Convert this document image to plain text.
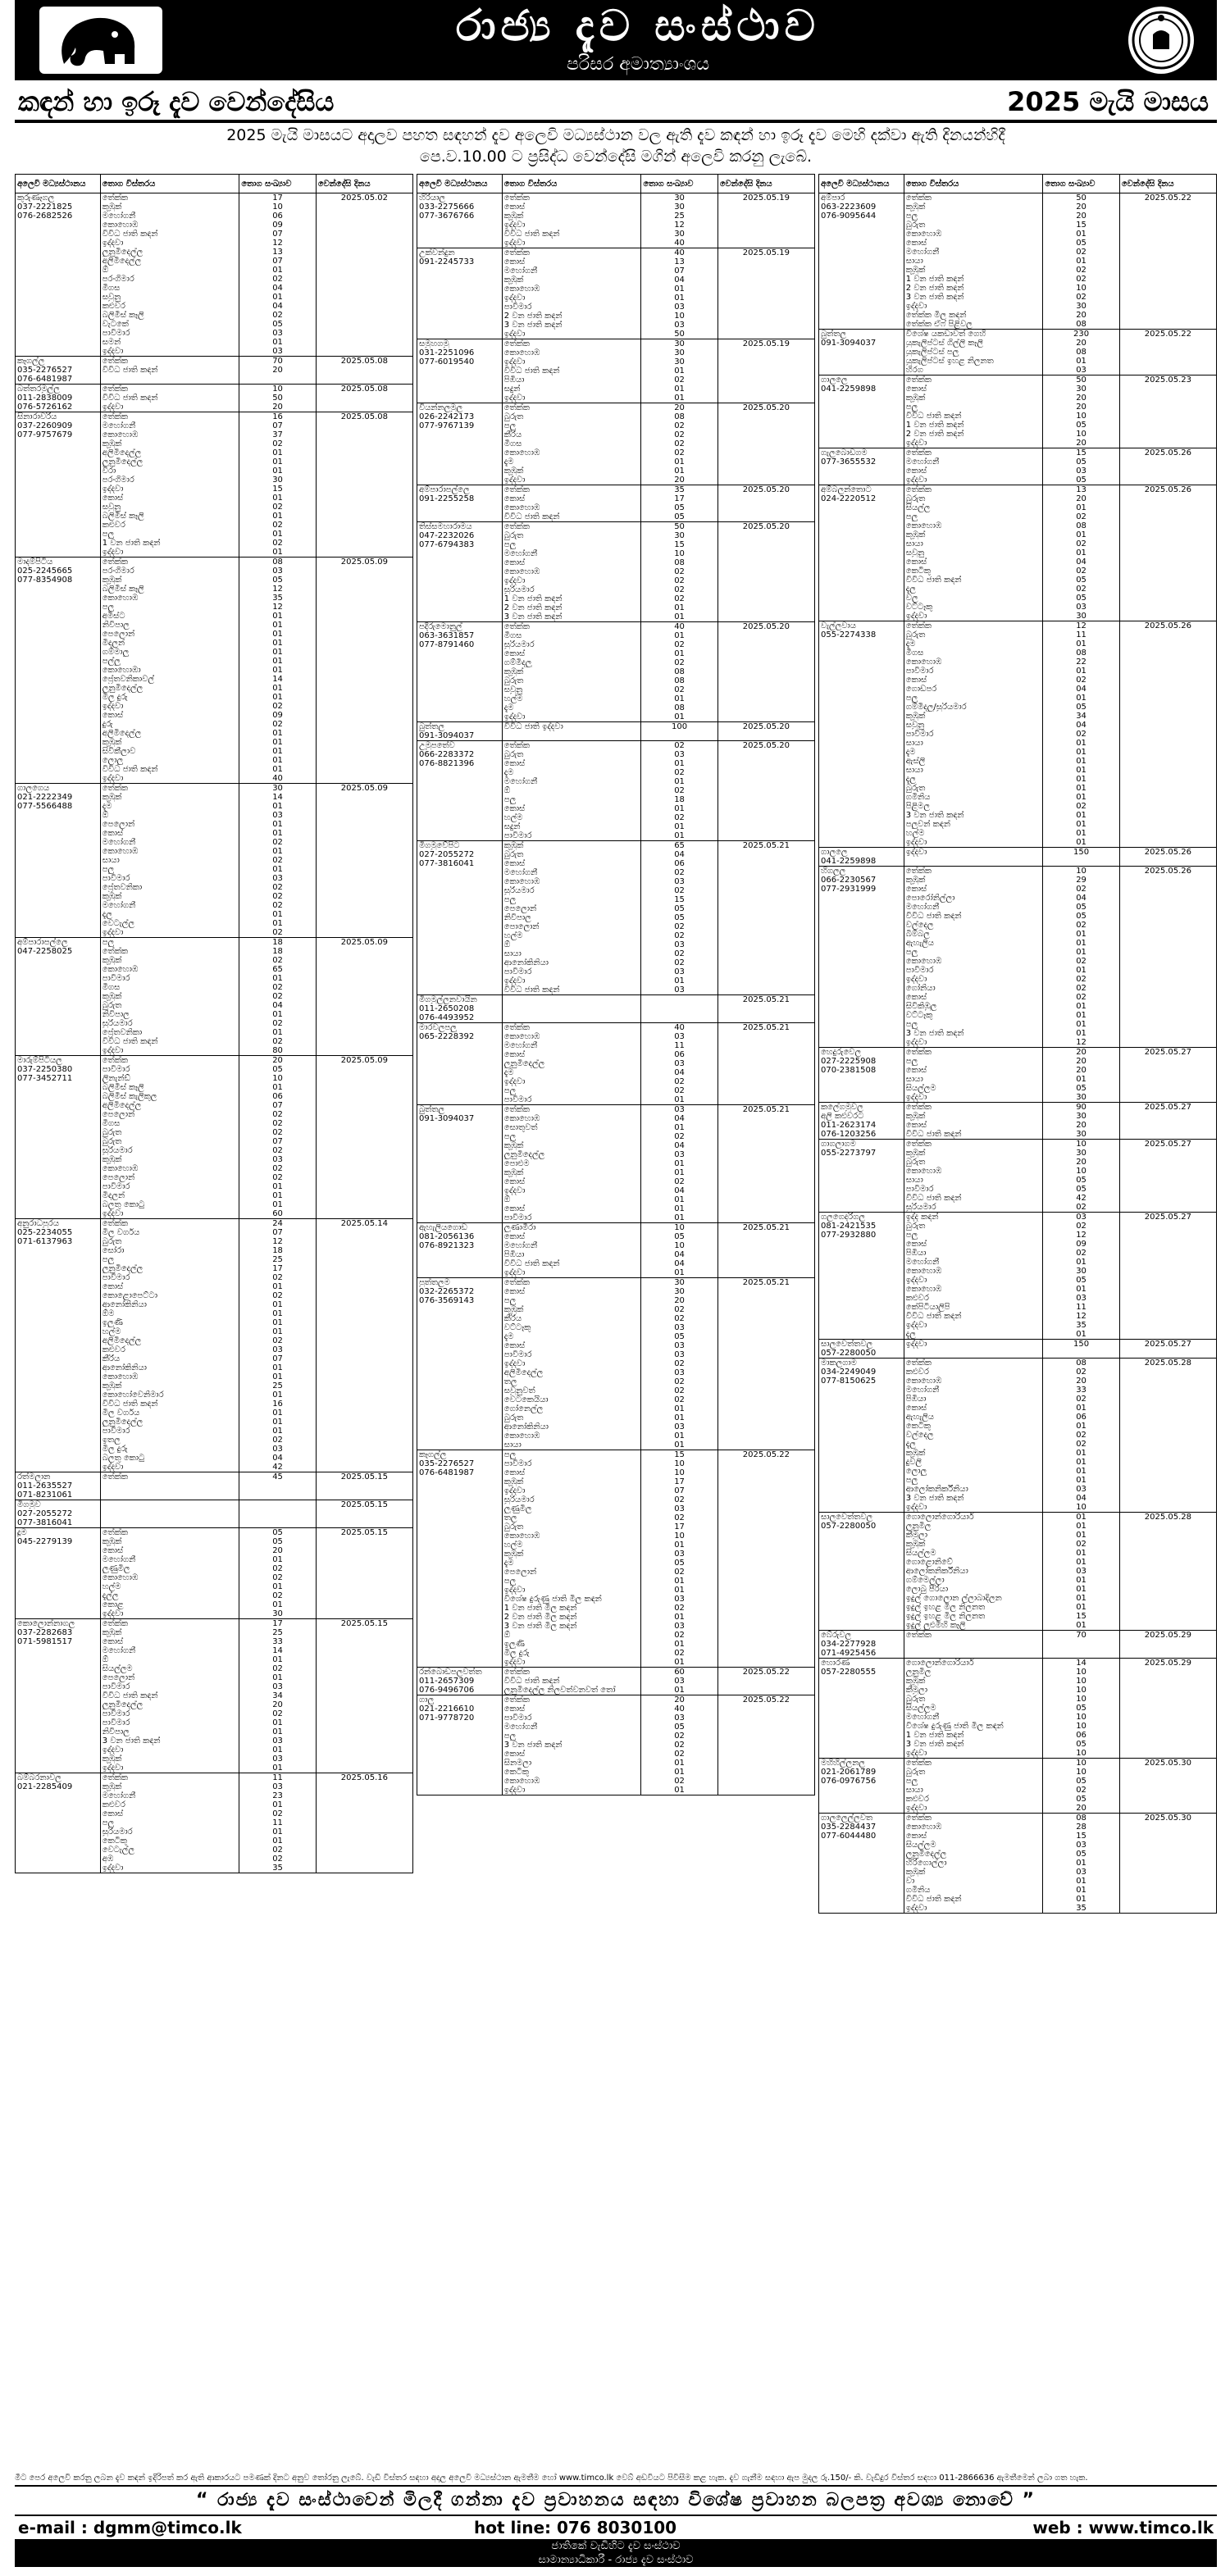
රාජ්‍ය දැව සංස්ථාව
පරිසර අමාත්‍යාංශය
කඳන් හා ඉරූ දැව වෙන්දේසිය	2025 මැයි මාසය
2025 මැයි මාසයට අදාලව පහත සඳහන් දැව අලෙවි මධ්‍යස්ථාන වල ඇති දැව කඳන් හා ඉරූ දැව මෙහි දක්වා ඇති දිනයන්හිදී
පෙ.ව.10.00 ට ප්‍රසිද්ධ වෙන්දේසි මගින් අලෙවි කරනු ලැබේ.
අලෙවි මධ්‍යස්ථානය	තොග විස්තරය	තොග සංඛ්‍යාව	වෙන්දේසි දිනය
කුරුණෑගල	තේක්ක	17	2025.05.02
037-2221825	කුඹුක්	10	
076-2682526	මහෝගනී	06	
	කොහොඹ	09	
	විවිධ ජාති කඳන්	07	
	ඉද්දවා	12	
	ලුනුමිදෙල්ල	13	
	අලිමිදෙල්ල	07	
	ඕ	01	
	පරංගිමාර	02	
	මීගස	04	
	සවුනු	01	
	කළුවර	04	
	බලිමීස් කෑලි	02	
	වැටකේ	05	
	පාවිමාර	03	
	සමන්	01	
	ඉද්දවා	03	
කෑගල්ල	තේක්ක	70	2025.05.08
035-2276527	විවිධ ජාති කඳන්	20	
076-6481987			
බත්තරමුල්ල	තේක්ක	10	2025.05.08
011-2838009	විවිධ ජාති කඳන්	50	
076-5726162	ඉද්දවා	20	
සිනාරාවරිය	තේක්ක	16	2025.05.08
037-2260909	මහෝගනී	07	
077-9757679	කොහොඹ	37	
	කුඹුක්	02	
	අලිමිදෙල්ල	01	
	ලුනුමිදෙල්ල	01	
	වීරා	01	
	පරංගිමාර	30	
	ඉද්දවා	15	
	කොස්	01	
	සවුනු	02	
	බලිමීස් කෑලි	01	
	කළුවර	02	
	පලු	01	
	1 වන ජාති කඳන්	02	
	ඉද්දවා	01	
මාදම්පිටිය	තේක්ක	08	2025.05.09
025-2245665	පරංගිමාර	03	
077-8354908	කුඹුක්	05	
	බලිමීස් කෑලි	12	
	කොහොඹ	35	
	පලු	12	
	අමිස්ට	01	
	නිවිපාල	01	
	පෙලොන්	01	
	මිදලන්	01	
	ගම්මාලු	01	
	පල්ලු	01	
	කොහොඹා	01	
	ප්‍රේතවනිකාවල්	14	
	ලුනුමිදෙල්ල	01	
	මිල දුරු	01	
	ඉද්දවා	02	
	කොස්	09	
	දුරු	02	
	අලිමිදෙල්ල	01	
	කුඹුක්	01	
	සිවිකීලාව	01	
	ලොලු	01	
	විවිධ ජාති කඳන්	01	
	ඉද්දවා	40	
ගාලගෙය	තේක්ක	30	2025.05.09
021-2222349	කුඹුක්	14	
077-5566488	දැම	01	
	ඕ	03	
	පෙලොන්	01	
	කොස්	01	
	මහෝගනී	02	
	කොහොඹ	01	
	සායා	02	
	පලු	01	
	පාවිමාර	03	
	ප්‍රේතවනිකා	02	
	කුඹුක්	02	
	මහෝගනී	02	
	දැල	01	
	වෙටැල්ල	01	
	ඉද්දවා	02	
අම්පාරාපල්ලෙ	පලු	18	2025.05.09
047-2258025	තේක්ක	18	
	කුඹුක්	02	
	කොහොඹ	65	
	පාවිමාර	01	
	මීගස	02	
	කුඹුක්	02	
	බුරුත	04	
	නිවිපාල	01	
	සුරියමාර	02	
	ප්‍රේතවනිකා	01	
	විවිධ ජාති කඳන්	02	
	ඉද්දවා	80	
මාරුම්පිටියල	තේක්ක	20	2025.05.09
037-2250380	පාවිමාර	05	
077-3452711	ලිනැන්ඩ්	10	
	බලිමීස් කෑලි	01	
	බලිමීස් කැලිකුල	06	
	අලිමිදෙල්ල	07	
	පෙලොන්	02	
	මීගස	02	
	බුරුත	02	
	බුරුත	07	
	සුරියමාර	02	
	කුඹුක්	03	
	කොහොඹ	02	
	පෙලොන්	02	
	පාවිමාර	01	
	මිදලන්	01	
	බලතු කොටු	01	
	ඉද්දවා	60	
අනුරාධපුරය	තේක්ක	24	2025.05.14
025-2234055	මිල වර්ගය	07	
071-6137963	බුරුත	12	
	සෝරා	18	
	පලු	25	
	ලුනුමිදෙල්ල	17	
	පාවිමාර	02	
	කොස්	01	
	කොළොපෙට්ටා	02	
	ආනෝකිනියා	01	
	ඕම	01	
	ඉලුණි	01	
	හල්ම	01	
	අලිමිදෙල්ල	02	
	කළුවර	03	
	කීරිය	07	
	ආනෝකිනියා	01	
	කොහොඹ	01	
	කුඹුක්	25	
	කොහෝවෙනිමාර	01	
	විවිධ ජාති කඳන්	16	
	මිල වර්ගය	01	
	ලුනුමිදෙල්ල	01	
	පාවිමාර	01	
	ඉතල	02	
	මිල දුරු	03	
	බලතු කොටු	04	
	ඉද්දවා	42	
රත්මලාන	තේක්ක	45	2025.05.15
011-2635527			
071-8231061			
මිගමුව			2025.05.15
027-2055272			
077-3816041			
දූම	තේක්ක	05	2025.05.15
045-2279139	කුඹුක්	05	
	කොස්	20	
	මහෝගනී	01	
	ලුණුමිල	02	
	කොහොඹ	02	
	හල්ම	01	
	දැල්ල	02	
	කොළ	01	
	ඉද්දවා	30	
කොලොන්නාගල	තේක්ක	17	2025.05.15
037-2282683	කුඹුක්	25	
071-5981517	කොස්	33	
	මහෝගනී	14	
	ඕ	01	
	සියල්ලම	02	
	පෙලොන්	01	
	පාවිමාර	03	
	විවිධ ජාති කඳන්	34	
	ලුනුමිදෙල්ල	20	
	පාවිමාර	02	
	පාවිමාර	01	
	නිවිපාල	01	
	3 වන ජාති කඳන්	03	
	ඉද්දවා	01	
	කුඹුක්	03	
	ඉද්දවා	01	
බම්බරනාවල	තේක්ක	11	2025.05.16
021-2285409	කුඹුක්	03	
	මහෝගනී	23	
	කළුවර	01	
	කොස්	02	
	පලු	11	
	සුරියමාර	01	
	කෙටිකු	01	
	වෙටැල්ල	02	
	අඹ	02	
	ඉද්දවා	35	
අලෙවි මධ්‍යස්ථානය	තොග විස්තරය	තොග සංඛ්‍යාව	වෙන්දේසි දිනය
හිරියාල	තේක්ක	30	2025.05.19
033-2275666	කොස්	30	
077-3676766	කුඹුක්	25	
	ඉද්දවා	12	
	විවිධ ජාති කඳන්	30	
	ඉද්දවා	40	
උක්වන්දුන	තේක්ක	40	2025.05.19
091-2245733	කොස්	13	
	මහෝගනී	07	
	කුඹුක්	04	
	කොහොඹ	01	
	ඉද්දවා	01	
	පාවිමාර	03	
	2 වන ජාති කඳන්	10	
	3 වන ජාති කඳන්	03	
	ඉද්දවා	50	
සමුහගමු	තේක්ක	30	2025.05.19
031-2251096	කොහොඹ	30	
077-6019540	ඉද්දවා	30	
	විවිධ ජාති කඳන්	01	
	පිඹියා	02	
	සදුන්	01	
	ඉද්දවා	01	
වියන්නලමුල	තේක්ක	20	2025.05.20
026-2242173	බුරුත	08	
077-9767139	පලු	02	
	කීරිය	02	
	මීගස	02	
	කොහොඹ	02	
	දැම	01	
	කුඹුක්	01	
	ඉද්දවා	20	
අම්පාරාපල්ලෙ	තේක්ක	35	2025.05.20
091-2255258	කොස්	17	
	කොහොඹ	05	
	විවිධ ජාති කඳන්	05	
තිස්සමහාරාමය	තේක්ක	50	2025.05.20
047-2232026	බුරුත	30	
077-6794383	පලු	15	
	මහෝගනී	10	
	කොස්	08	
	කොහොඹ	02	
	ඉද්දවා	02	
	සුරියමාර	02	
	1 වන ජාති කඳන්	02	
	2 වන ජාති කඳන්	01	
	3 වන ජාති කඳන්	01	
පදීරුමොනුල්	තේක්ක	40	2025.05.20
063-3631857	මීගස	01	
077-8791460	සුරියමාර	02	
	කොස්	01	
	ගම්මිදලු	02	
	කුඹුක්	08	
	බුරුත	08	
	සවුනු	02	
	හල්ම	01	
	දැම	08	
	ඉද්දවා	01	
බුත්තල	විවිධ ජාති ඉද්දවා	100	2025.05.20
091-3094037			
උමුපතේව	තේක්ක	02	2025.05.20
066-2283372	බුරුත	03	
076-8821396	කොස්	01	
	දැම	02	
	මහෝගනී	01	
	ඕ	02	
	පලු	18	
	කොස්	01	
	හල්ම	02	
	සදුන්	01	
	පාවිමාර	01	
මිගමුවේපිට	කුඹුක්	65	2025.05.21
027-2055272	බුරුත	04	
077-3816041	කොස්	06	
	මහෝගනී	02	
	කොහොඹ	03	
	සුරියමාර	02	
	පලු	15	
	පෙලොන්	05	
	නිවිපාල	05	
	පොලොන්	02	
	හල්ම	02	
	ඕ	03	
	සායා	02	
	ආනෝකිනියා	02	
	පාවිමාර	03	
	ඉද්දවා	01	
	විවිධ ජාති කඳන්	03	
මිගමුල්ලනවායින			2025.05.21
011-2650208			
076-4493952			
මාරවලපලු	තේක්ක	40	2025.05.21
065-2228392	කොහොඹ	03	
	මහෝගනී	11	
	කොස්	06	
	ලුනුමිදෙල්ල	03	
	දැම	04	
	ඉද්දවා	02	
	පලු	02	
	පාවිමාර	01	
බුත්තල	තේක්ක	03	2025.05.21
091-3094037	කොහොඹ	04	
	සොතුවත්	01	
	පලු	02	
	කුඹුක්	04	
	ලුනුමිදෙල්ල	03	
	පොළුම	01	
	කුඹුක්	01	
	කොස්	02	
	ඉද්දවා	04	
	ඕ	01	
	කොස්	01	
	පාවිමාර	01	
ඇහැලියගොඩ	ලුණාමීරා	10	2025.05.21
081-2056136	කොස්	05	
076-8921323	මහෝගනී	10	
	පිඹියා	04	
	විවිධ ජාති කඳන්	04	
	ඉද්දවා	01	
පුත්තලම	තේක්ක	30	2025.05.21
032-2265372	කොස්	30	
076-3569143	පලු	20	
	කුඹුක්	02	
	කීරිය	02	
	වට්ටෑකු	03	
	දැම	05	
	කොස්	03	
	පාවිමාර	03	
	ඉද්දවා	02	
	අලිමිදෙල්ල	03	
	තල	02	
	සවුනුවත්	02	
	වෙටකෙයියා	02	
	ගෝනෙල්ල	01	
	බුරුත	01	
	ආනෝකිනියා	03	
	කොහොඹ	01	
	සායා	01	
කෑගල්ල	පලු	15	2025.05.22
035-2276527	පාවිමාර	10	
076-6481987	කොස්	10	
	කුඹුක්	17	
	ඉද්දවා	07	
	සුරියමාර	02	
	ලුණුමිල	03	
	තල	02	
	බුරුත	17	
	කොහොඹ	10	
	හල්ම	01	
	කුඹුක්	03	
	දැම	05	
	පෙලොන්	02	
	පලු	01	
	ඉද්දවා	01	
	විශේෂ දුරුණු ජාති මිල කඳන්	03	
	1 වන ජාති මිල කඳන්	02	
	2 වන ජාති මිල කඳන්	01	
	3 වන ජාති මිල කඳන්	03	
	ඕ	02	
	ඉලුණි	01	
	මිල දුරු	02	
	ඉද්දවා	01	
රන්බොඩපලවත්ත	තේක්ක	60	2025.05.22
011-2657309	විවිධ ජාති කඳන්	03	
076-9496706	ලුනුමිදෙල්ල නිලවත්වනවත් තෝ	01	
ගාලු	තේක්ක	20	2025.05.22
021-2216610	කොස්	40	
071-9778720	පාවිමාර	03	
	මහෝගනී	05	
	පලු	02	
	3 වන ජාති කඳන්	02	
	කොස්	02	
	සිනමලා	01	
	කෙටිකු	01	
	කොහොඹ	02	
	ඉද්දවා	01	
අලෙවි මධ්‍යස්ථානය	තොග විස්තරය	තොග සංඛ්‍යාව	වෙන්දේසි දිනය
අම්පාර	තේක්ක	50	2025.05.22
063-2223609	කුඹුක්	20	
076-9095644	පලු	20	
	බුරුත	15	
	කොහොඹ	01	
	කොස්	05	
	මහෝගනී	02	
	සායා	01	
	කුඹුක්	02	
	1 වන ජාති කඳන්	02	
	2 වන ජාති කඳන්	10	
	3 වන ජාති කඳන්	02	
	ඉද්දවා	30	
	තේක්ක මිල කඳන්	20	
	තේක්ක ඒෆ් පිළිවල	08	
බුත්තල	විශේෂ යකඩාවත් ගෙහි	230	2025.05.22
091-3094037	යුකැලිප්ටස් ගිල්ලි කෑලි	20	
	යුකැලිප්ටස් පලු	08	
	යුකැලිප්ටස් ඉහළ නිලනත	01	
	හිරග	03	
ගාලලෙ	තේක්ක	50	2025.05.23
041-2259898	කොස්	30	
	කුඹුක්	20	
	පලු	20	
	විවිධ ජාති කඳන්	10	
	1 වන ජාති කඳන්	05	
	2 වන ජාති කඳන්	10	
	ඉද්දවා	20	
ගැලබොඩගම	තේක්ක	15	2025.05.26
077-3655532	මහෝගනී	05	
	කොස්	03	
	ඉද්දවා	05	
අම්බලන්තොට	තේක්ක	13	2025.05.26
024-2220512	බුරුත	20	
	සියල්ල	01	
	පලු	02	
	කොහොඹ	08	
	කුඹුක්	01	
	සායා	02	
	සවුනු	01	
	කොස්	04	
	කෙටිකු	02	
	විවිධ ජාති කඳන්	05	
	දැල	02	
	වල	05	
	වට්ටෑකු	03	
	ඉද්දවා	30	
වැල්ලවාය	තේක්ක	12	2025.05.26
055-2274338	බුරුත	11	
	දැම	01	
	මීගස	08	
	කොහොඹ	22	
	පාවිමාර	01	
	කොස්	02	
	ගොඩපර	04	
	පලු	01	
	ගම්මිදලු/සුරියමාර	05	
	කුඹුක්	34	
	සවුනු	04	
	පාවිමාර	02	
	සායා	01	
	දැම	01	
	ඇස්ලි	01	
	සායා	01	
	දැල	01	
	බුරුත	01	
	ගමිනිය	01	
	පිළිමල	02	
	3 වන ජාති කඳන්	01	
	පලුවන් කඳන්	01	
	හල්ම	01	
	ඉද්දවා	01	
ගාලලෙ	ඉද්දවා	150	2025.05.26
041-2259898			
හිගලල	තේක්ක	10	2025.05.26
066-2230567	කුඹුක්	29	
077-2931999	කොස්	02	
	පොරෝනිල්ලා	04	
	මහෝගනී	05	
	විවිධ ජාති කඳන්	05	
	වල්දෙල	02	
	බිම්බල	01	
	ඇහැලිය	01	
	පලු	01	
	කොහොඹ	02	
	පාවිමාර	01	
	ඉද්දවා	02	
	ගෝනියා	02	
	කොස්	02	
	සිවිකිඹුල	01	
	වට්ටෑකු	01	
	පලු	01	
	3 වන ජාති කඳන්	01	
	ඉද්දවා	12	
හෙදුරුවෙල	තේක්ක	20	2025.05.27
027-2225908	පලු	20	
070-2381508	කොස්	20	
	සායා	01	
	සියල්ලම	05	
	ඉද්දවා	30	
කලේගමුවල	තේක්ක	90	2025.05.27
අලි කළුවරට	කුඹුක්	30	
011-2623174	කොස්	20	
076-1203256	විවිධ ජාති කඳන්	30	
ගාගලාගම	තේක්ක	10	2025.05.27
055-2273797	කුඹුක්	30	
	බුරුත	20	
	කොහොඹ	10	
	සායා	05	
	පාවිමාර	05	
	විවිධ ජාති කඳන්	42	
	සුරියමාර	02	
ගලගෙදරිගල	ඉද්ද කඳන්	03	2025.05.27
081-2421535	බුරුත	02	
077-2932880	පලු	12	
	කොස්	09	
	පිඹියා	02	
	මහෝගනී	01	
	කොහොඹ	30	
	ඉද්දවා	05	
	කොහොඹ	01	
	කළුවර	03	
	කේපිටියාලිපි	11	
	විවිධ ජාති කඳන්	12	
	ඉද්දවා	35	
	දැල	01	
සාලවෙත්තවල	ඉද්දවා	150	2025.05.27
057-2280050			
මාකලගාම	තේක්ක	08	2025.05.28
034-2249049	කළුවර	02	
077-8150625	කොහොඹ	20	
	මහෝගනී	33	
	පිඹියා	02	
	කොස්	01	
	ඇහැලිය	06	
	කෙටිකු	01	
	වල්දෙල	02	
	දැල	02	
	කුඹුක්	01	
	දුවලි	01	
	ලොලු	01	
	පලු	01	
	ආලෝකනිර්කීනියා	03	
	3 වන ජාති කඳන්	04	
	ඉද්දවා	10	
සාලවෙත්තවල	ගොලොන්ගොරියාර්	01	2025.05.28
057-2280050	ලුනුමිල	01	
	කීමුලා	01	
	කුඹුක්	02	
	සියල්ලම	01	
	ගොළොනිවේ	01	
	ආලෝකනිර්කීනියා	03	
	ගම්මෙල්ලා	01	
	ලොබු පීරියා	01	
	ඉදුල් ගොලොන ල්ලාබාදිලන	01	
	ඉදුල් ඉහළ මිල නිලනත	01	
	ඉදුල් ඉහළ මිල නිලනත	15	
	ඉදුල් ලුළුමිහි කෑලි	01	
බේරුවල	තේක්ක	70	2025.05.29
034-2277928			
071-4925456			
හොරණ	ගොලොන්ගොරියාර්	14	2025.05.29
057-2280555	ලුනුමිල	10	
	කුඹුක්	10	
	කීමුලා	10	
	බුරුත	10	
	සියල්ලම	05	
	මහෝගනී	10	
	විශේෂ දුරුණු ජාති මිල කඳන්	10	
	1 වන ජාති කඳන්	06	
	3 වන ජාති කඳන්	05	
	ඉද්දවා	10	
මහිහිල්ලනල	තේක්ක	10	2025.05.30
021-2061789	බුරුත	10	
076-0976756	පලු	05	
	සායා	02	
	කළුවර	05	
	ඉද්දවා	20	
ගාලලෙල්ලවත	තේක්ක	08	2025.05.30
035-2284437	කොහොඹ	28	
077-6044480	කොස්	15	
	සියල්ලම	03	
	ලුනුමිදෙල්ල	05	
	හිරිගොල්ලා	01	
	කුඹුක්	03	
	වා	01	
	ගමිනිය	01	
	විවිධ ජාති කඳන්	01	
	ඉද්දවා	35	
මීට පෙර අලෙවි කරනු ලබන දැව කඳන් ඉදිරිපත් කර ඇති ආකාරයට පමණක් දිනට අනුව තෝරනු ලැබේ. වැඩි විස්තර සඳහා අදාල අලෙවි මධ්‍යස්ථාන ඇමතීම හෝ www.timco.lk වෙබ් අඩවියට පිවිසීම කළ හැක. දැව ගැනීම සඳහා ඇප මුදල රු.150/- කි. වැඩිදුර විස්තර සඳහා 011-2866636 ඇමතීමෙන් ලබා ගත හැක.
“ රාජ්‍ය දැව සංස්ථාවෙන් මිලදී ගන්නා දැව ප්‍රවාහනය සඳහා විශේෂ ප්‍රවාහන බලපත්‍ර අවශ්‍ය නොවේ ”
e-mail : dgmm@timco.lk	hot line: 076 8030100	web : www.timco.lk
ජාතිකේ වැඩිහිට දැව සංස්ථාව
සාමාන්‍යාධිකාරී - රාජ්‍ය දැව සංස්ථාව
